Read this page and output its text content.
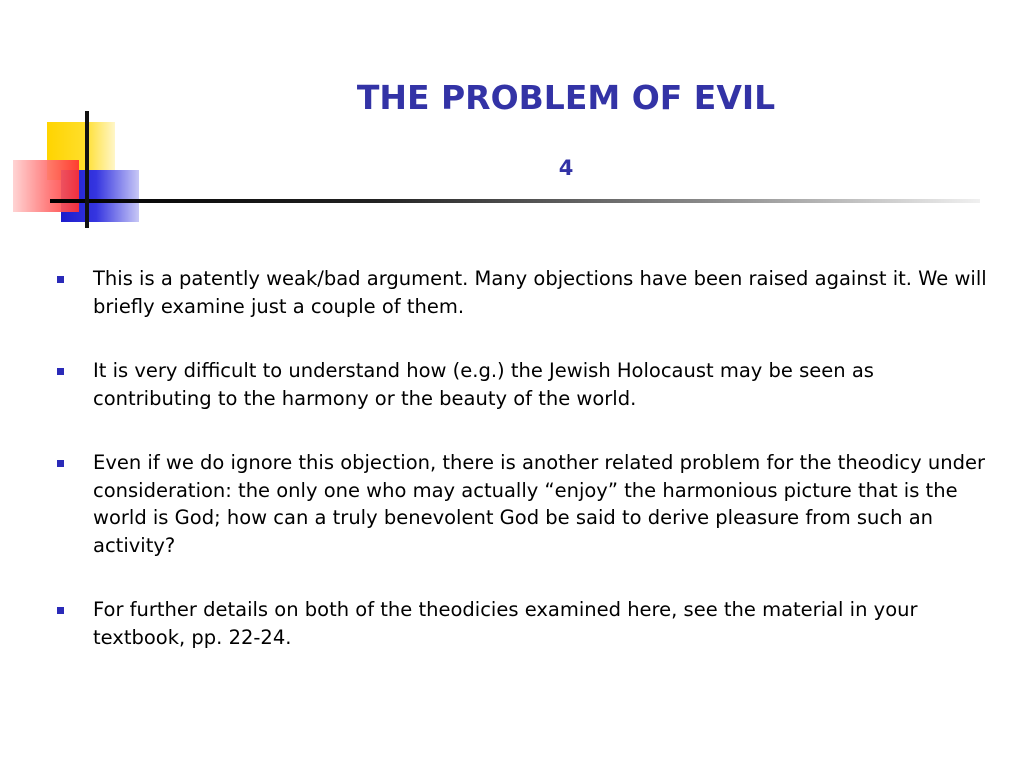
THE PROBLEM OF EVIL
4
This is a patently weak/bad argument. Many objections have been raised against it. We will briefly examine just a couple of them.
It is very difficult to understand how (e.g.) the Jewish Holocaust may be seen as contributing to the harmony or the beauty of the world.
Even if we do ignore this objection, there is another related problem for the theodicy under consideration: the only one who may actually “enjoy” the harmonious picture that is the world is God; how can a truly benevolent God be said to derive pleasure from such an activity?
For further details on both of the theodicies examined here, see the material in your textbook, pp. 22-24.
